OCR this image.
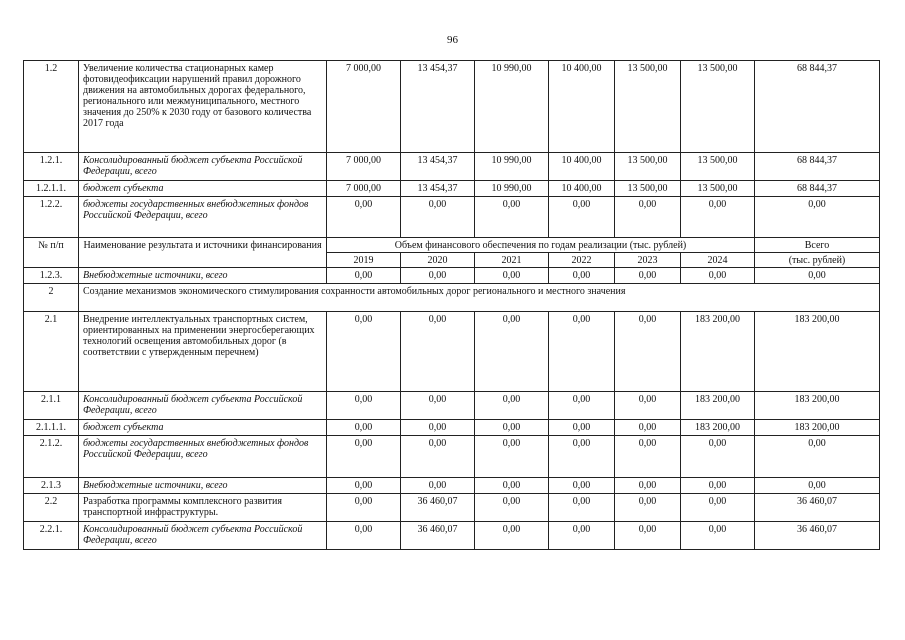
96
1.2	Увеличение количества стационарных камер фотовидеофиксации нарушений правил дорожного движения на автомобильных дорогах федерального, регионального или межмуниципального, местного значения до 250% к 2030 году от базового количества 2017 года	7 000,00	13 454,37	10 990,00	10 400,00	13 500,00	13 500,00	68 844,37
1.2.1.	Консолидированный бюджет субъекта Российской Федерации, всего	7 000,00	13 454,37	10 990,00	10 400,00	13 500,00	13 500,00	68 844,37
1.2.1.1.	бюджет субъекта	7 000,00	13 454,37	10 990,00	10 400,00	13 500,00	13 500,00	68 844,37
1.2.2.	бюджеты государственных внебюджетных фондов Российской Федерации, всего	0,00	0,00	0,00	0,00	0,00	0,00	0,00
№ п/п	Наименование результата и источники финансирования	Объем финансового обеспечения по годам реализации (тыс. рублей)						Всего
		2019	2020	2021	2022	2023	2024	(тыс. рублей)
1.2.3.	Внебюджетные источники, всего	0,00	0,00	0,00	0,00	0,00	0,00	0,00
2	Создание механизмов экономического стимулирования сохранности автомобильных дорог регионального и местного значения							
2.1	Внедрение интеллектуальных транспортных систем, ориентированных на применении энергосберегающих технологий освещения автомобильных дорог (в соответствии с утвержденным перечнем)	0,00	0,00	0,00	0,00	0,00	183 200,00	183 200,00
2.1.1	Консолидированный бюджет субъекта Российской Федерации, всего	0,00	0,00	0,00	0,00	0,00	183 200,00	183 200,00
2.1.1.1.	бюджет субъекта	0,00	0,00	0,00	0,00	0,00	183 200,00	183 200,00
2.1.2.	бюджеты государственных внебюджетных фондов Российской Федерации, всего	0,00	0,00	0,00	0,00	0,00	0,00	0,00
2.1.3	Внебюджетные источники, всего	0,00	0,00	0,00	0,00	0,00	0,00	0,00
2.2	Разработка программы комплексного развития транспортной инфраструктуры.	0,00	36 460,07	0,00	0,00	0,00	0,00	36 460,07
2.2.1.	Консолидированный бюджет субъекта Российской Федерации, всего	0,00	36 460,07	0,00	0,00	0,00	0,00	36 460,07
